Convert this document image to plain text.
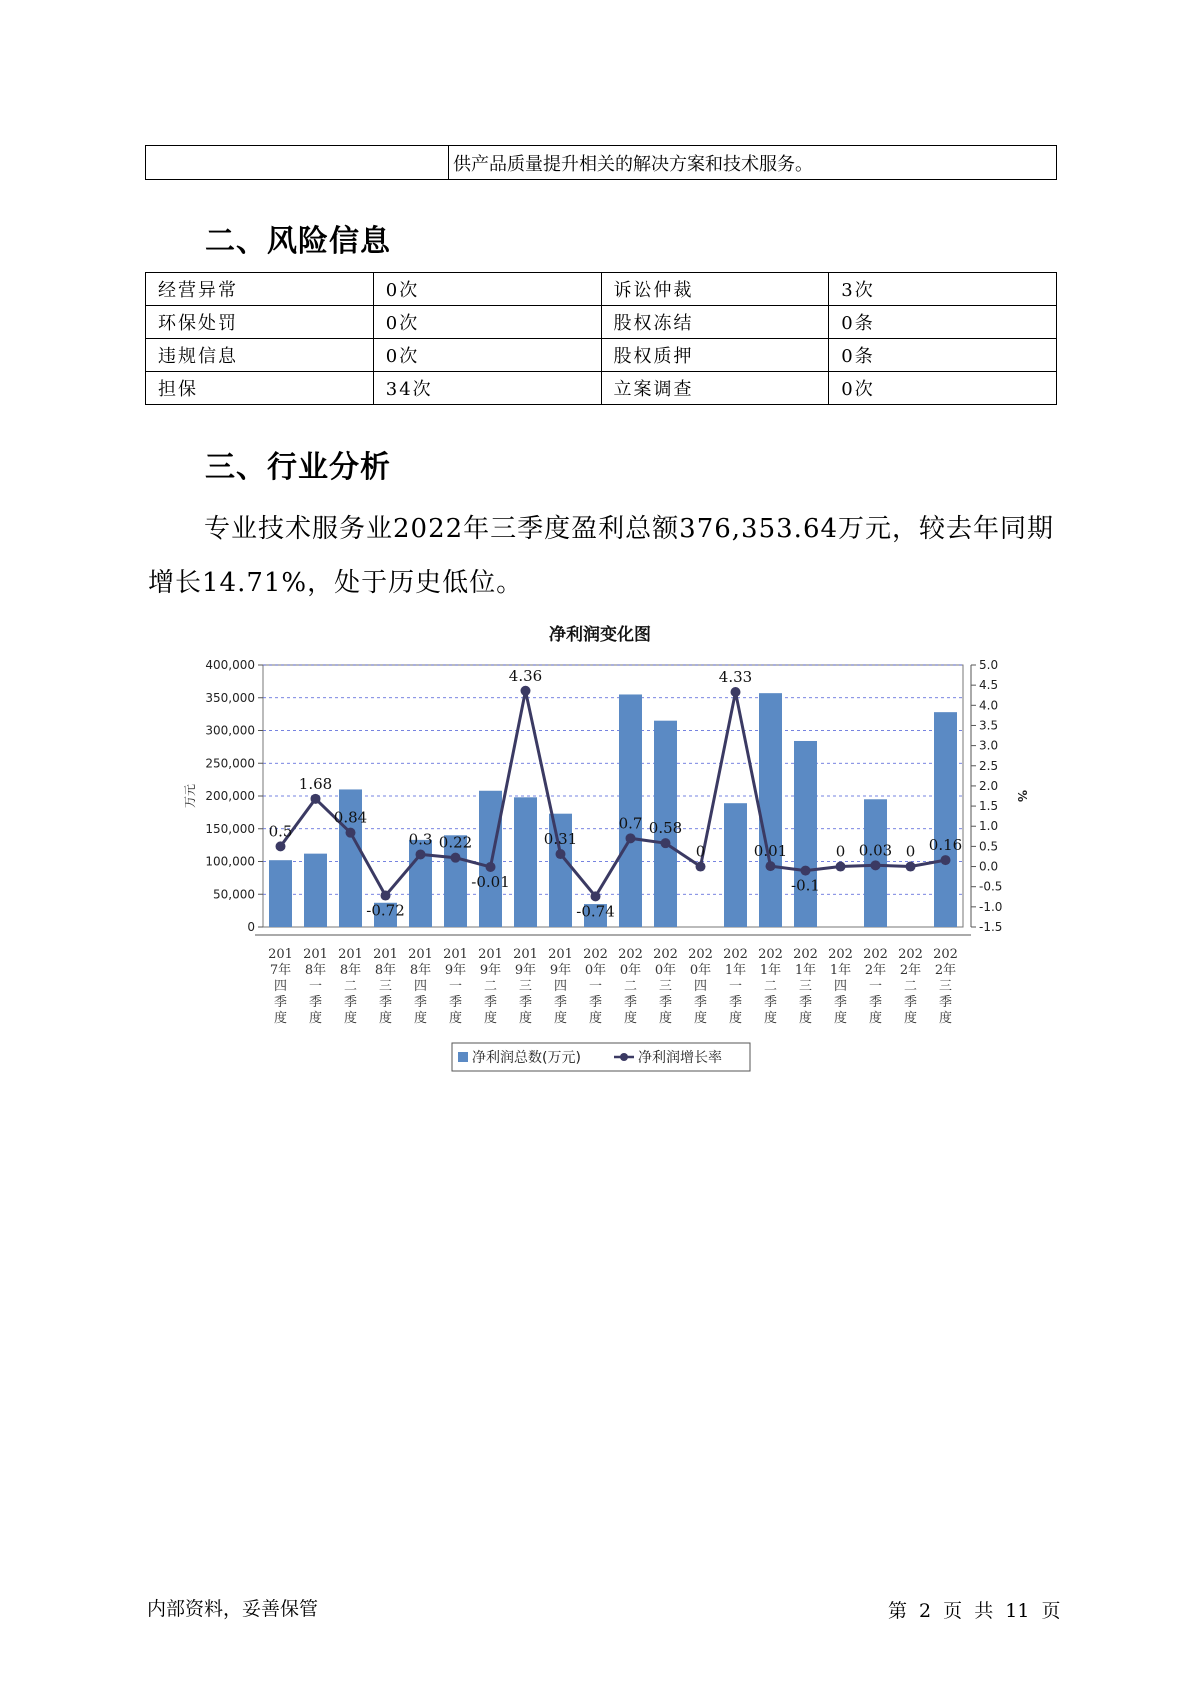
	供产品质量提升相关的解决方案和技术服务。
二、风险信息
经营异常	0次	诉讼仲裁	3次
环保处罚	0次	股权冻结	0条
违规信息	0次	股权质押	0条
担保	34次	立案调查	0次
三、行业分析
专业技术服务业2022年三季度盈利总额376,353.64万元，较去年同期
增长14.71%，处于历史低位。
净利润变化图
0
50,000
100,000
150,000
200,000
250,000
300,000
350,000
400,000
-1.5
-1.0
-0.5
0.0
0.5
1.0
1.5
2.0
2.5
3.0
3.5
4.0
4.5
5.0
万元	%
201
7年
四
季
度
201
8年
一
季
度
201
8年
二
季
度
201
8年
三
季
度
201
8年
四
季
度
201
9年
一
季
度
201
9年
二
季
度
201
9年
三
季
度
201
9年
四
季
度
202
0年
一
季
度
202
0年
二
季
度
202
0年
三
季
度
202
0年
四
季
度
202
1年
一
季
度
202
1年
二
季
度
202
1年
三
季
度
202
1年
四
季
度
202
2年
一
季
度
202
2年
二
季
度
202
2年
三
季
度
0.5
1.68
0.84
-0.72
0.3 0.22
-0.01
4.36
0.31
-0.74
0.7 0.58
0
4.33
0.01
-0.1
0 0.03 0 0.16
净利润总数(万元)	净利润增长率
内部资料，妥善保管	第 2 页 共 11 页
